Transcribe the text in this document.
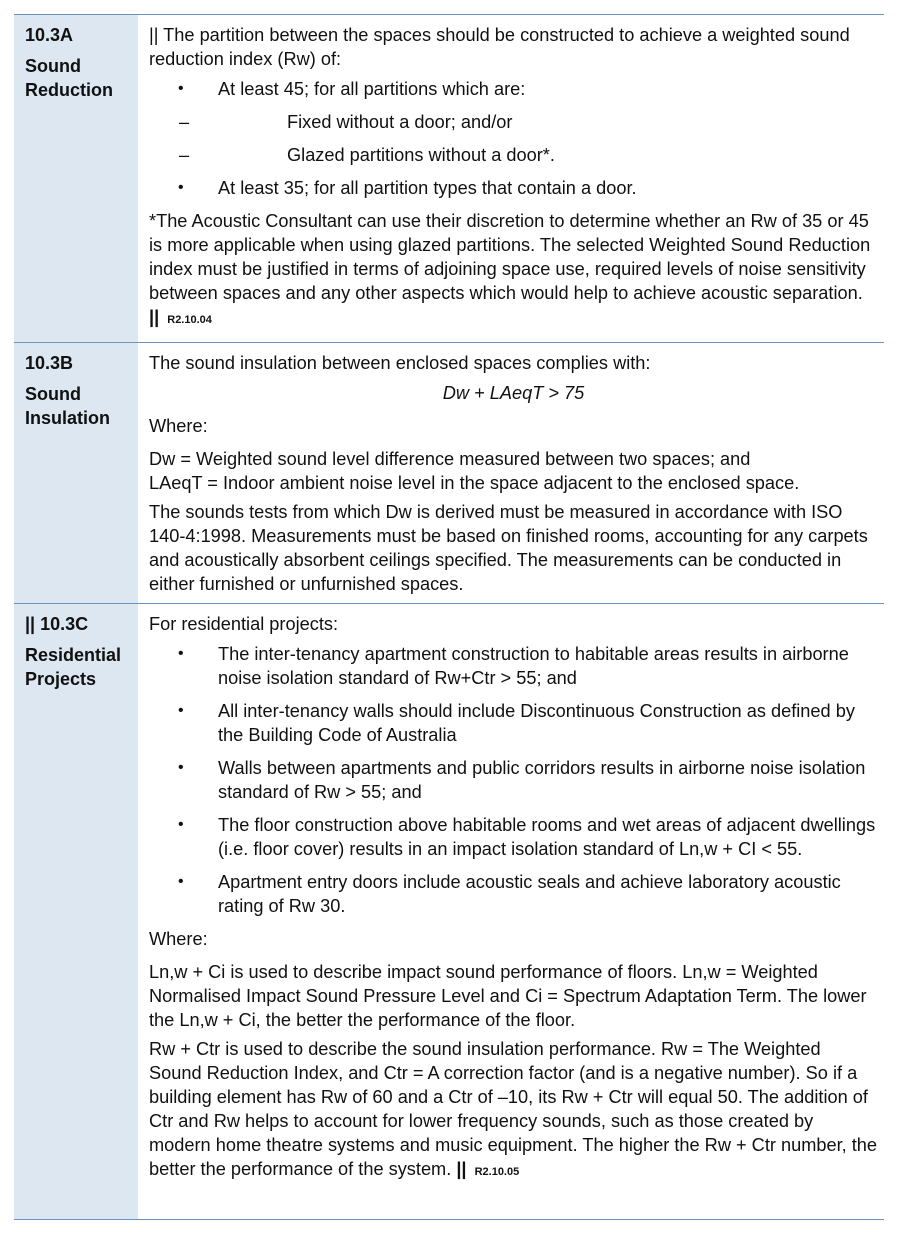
10.3A
Sound
Reduction

|| The partition between the spaces should be constructed to achieve a weighted sound reduction index (Rw) of:

• At least 45; for all partitions which are:
– Fixed without a door; and/or
– Glazed partitions without a door*.
• At least 35; for all partition types that contain a door.

*The Acoustic Consultant can use their discretion to determine whether an Rw of 35 or 45 is more applicable when using glazed partitions. The selected Weighted Sound Reduction index must be justified in terms of adjoining space use, required levels of noise sensitivity between spaces and any other aspects which would help to achieve acoustic separation. || R2.10.04

10.3B
Sound
Insulation

The sound insulation between enclosed spaces complies with:

Dw + LAeqT > 75

Where:

Dw = Weighted sound level difference measured between two spaces; and

LAeqT = Indoor ambient noise level in the space adjacent to the enclosed space.

The sounds tests from which Dw is derived must be measured in accordance with ISO 140-4:1998. Measurements must be based on finished rooms, accounting for any carpets and acoustically absorbent ceilings specified. The measurements can be conducted in either furnished or unfurnished spaces.

|| 10.3C
Residential
Projects

For residential projects:

• The inter-tenancy apartment construction to habitable areas results in airborne noise isolation standard of Rw+Ctr > 55; and
• All inter-tenancy walls should include Discontinuous Construction as defined by the Building Code of Australia
• Walls between apartments and public corridors results in airborne noise isolation standard of Rw > 55; and
• The floor construction above habitable rooms and wet areas of adjacent dwellings (i.e. floor cover) results in an impact isolation standard of Ln,w + CI < 55.
• Apartment entry doors include acoustic seals and achieve laboratory acoustic rating of Rw 30.

Where:

Ln,w + Ci is used to describe impact sound performance of floors. Ln,w = Weighted Normalised Impact Sound Pressure Level and Ci = Spectrum Adaptation Term. The lower the Ln,w + Ci, the better the performance of the floor.

Rw + Ctr is used to describe the sound insulation performance. Rw = The Weighted Sound Reduction Index, and Ctr = A correction factor (and is a negative number). So if a building element has Rw of 60 and a Ctr of –10, its Rw + Ctr will equal 50. The addition of Ctr and Rw helps to account for lower frequency sounds, such as those created by modern home theatre systems and music equipment. The higher the Rw + Ctr number, the better the performance of the system. || R2.10.05
